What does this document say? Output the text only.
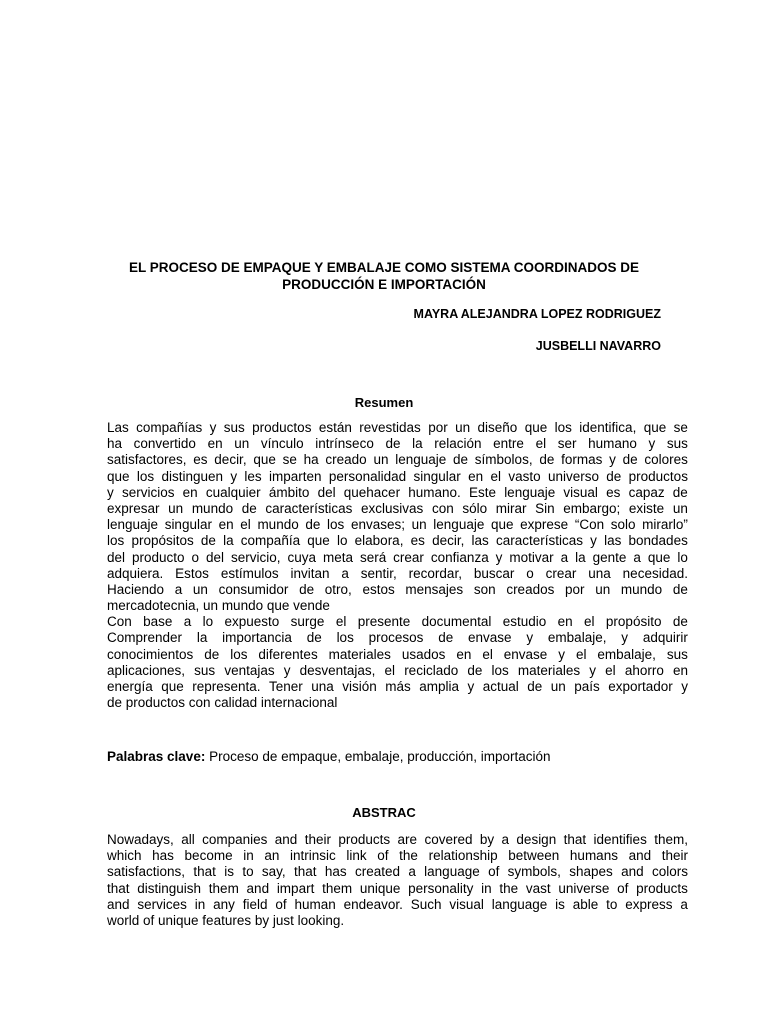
EL PROCESO DE EMPAQUE Y EMBALAJE COMO SISTEMA COORDINADOS DE
PRODUCCIÓN E IMPORTACIÓN
MAYRA ALEJANDRA LOPEZ RODRIGUEZ
JUSBELLI NAVARRO
Resumen
Las compañías y sus productos están revestidas por un diseño que los identifica, que se
ha convertido en un vínculo intrínseco de la relación entre el ser humano y sus
satisfactores, es decir, que se ha creado un lenguaje de símbolos, de formas y de colores
que los distinguen y les imparten personalidad singular en el vasto universo de productos
y servicios en cualquier ámbito del quehacer humano. Este lenguaje visual es capaz de
expresar un mundo de características exclusivas con sólo mirar Sin embargo; existe un
lenguaje singular en el mundo de los envases; un lenguaje que exprese “Con solo mirarlo”
los propósitos de la compañía que lo elabora, es decir, las características y las bondades
del producto o del servicio, cuya meta será crear confianza y motivar a la gente a que lo
adquiera. Estos estímulos invitan a sentir, recordar, buscar o crear una necesidad.
Haciendo a un consumidor de otro, estos mensajes son creados por un mundo de
mercadotecnia, un mundo que vende
Con base a lo expuesto surge el presente documental estudio en el propósito de
Comprender la importancia de los procesos de envase y embalaje, y adquirir
conocimientos de los diferentes materiales usados en el envase y el embalaje, sus
aplicaciones, sus ventajas y desventajas, el reciclado de los materiales y el ahorro en
energía que representa. Tener una visión más amplia y actual de un país exportador y
de productos con calidad internacional
Palabras clave: Proceso de empaque, embalaje, producción, importación
ABSTRAC
Nowadays, all companies and their products are covered by a design that identifies them,
which has become in an intrinsic link of the relationship between humans and their
satisfactions, that is to say, that has created a language of symbols, shapes and colors
that distinguish them and impart them unique personality in the vast universe of products
and services in any field of human endeavor. Such visual language is able to express a
world of unique features by just looking.
